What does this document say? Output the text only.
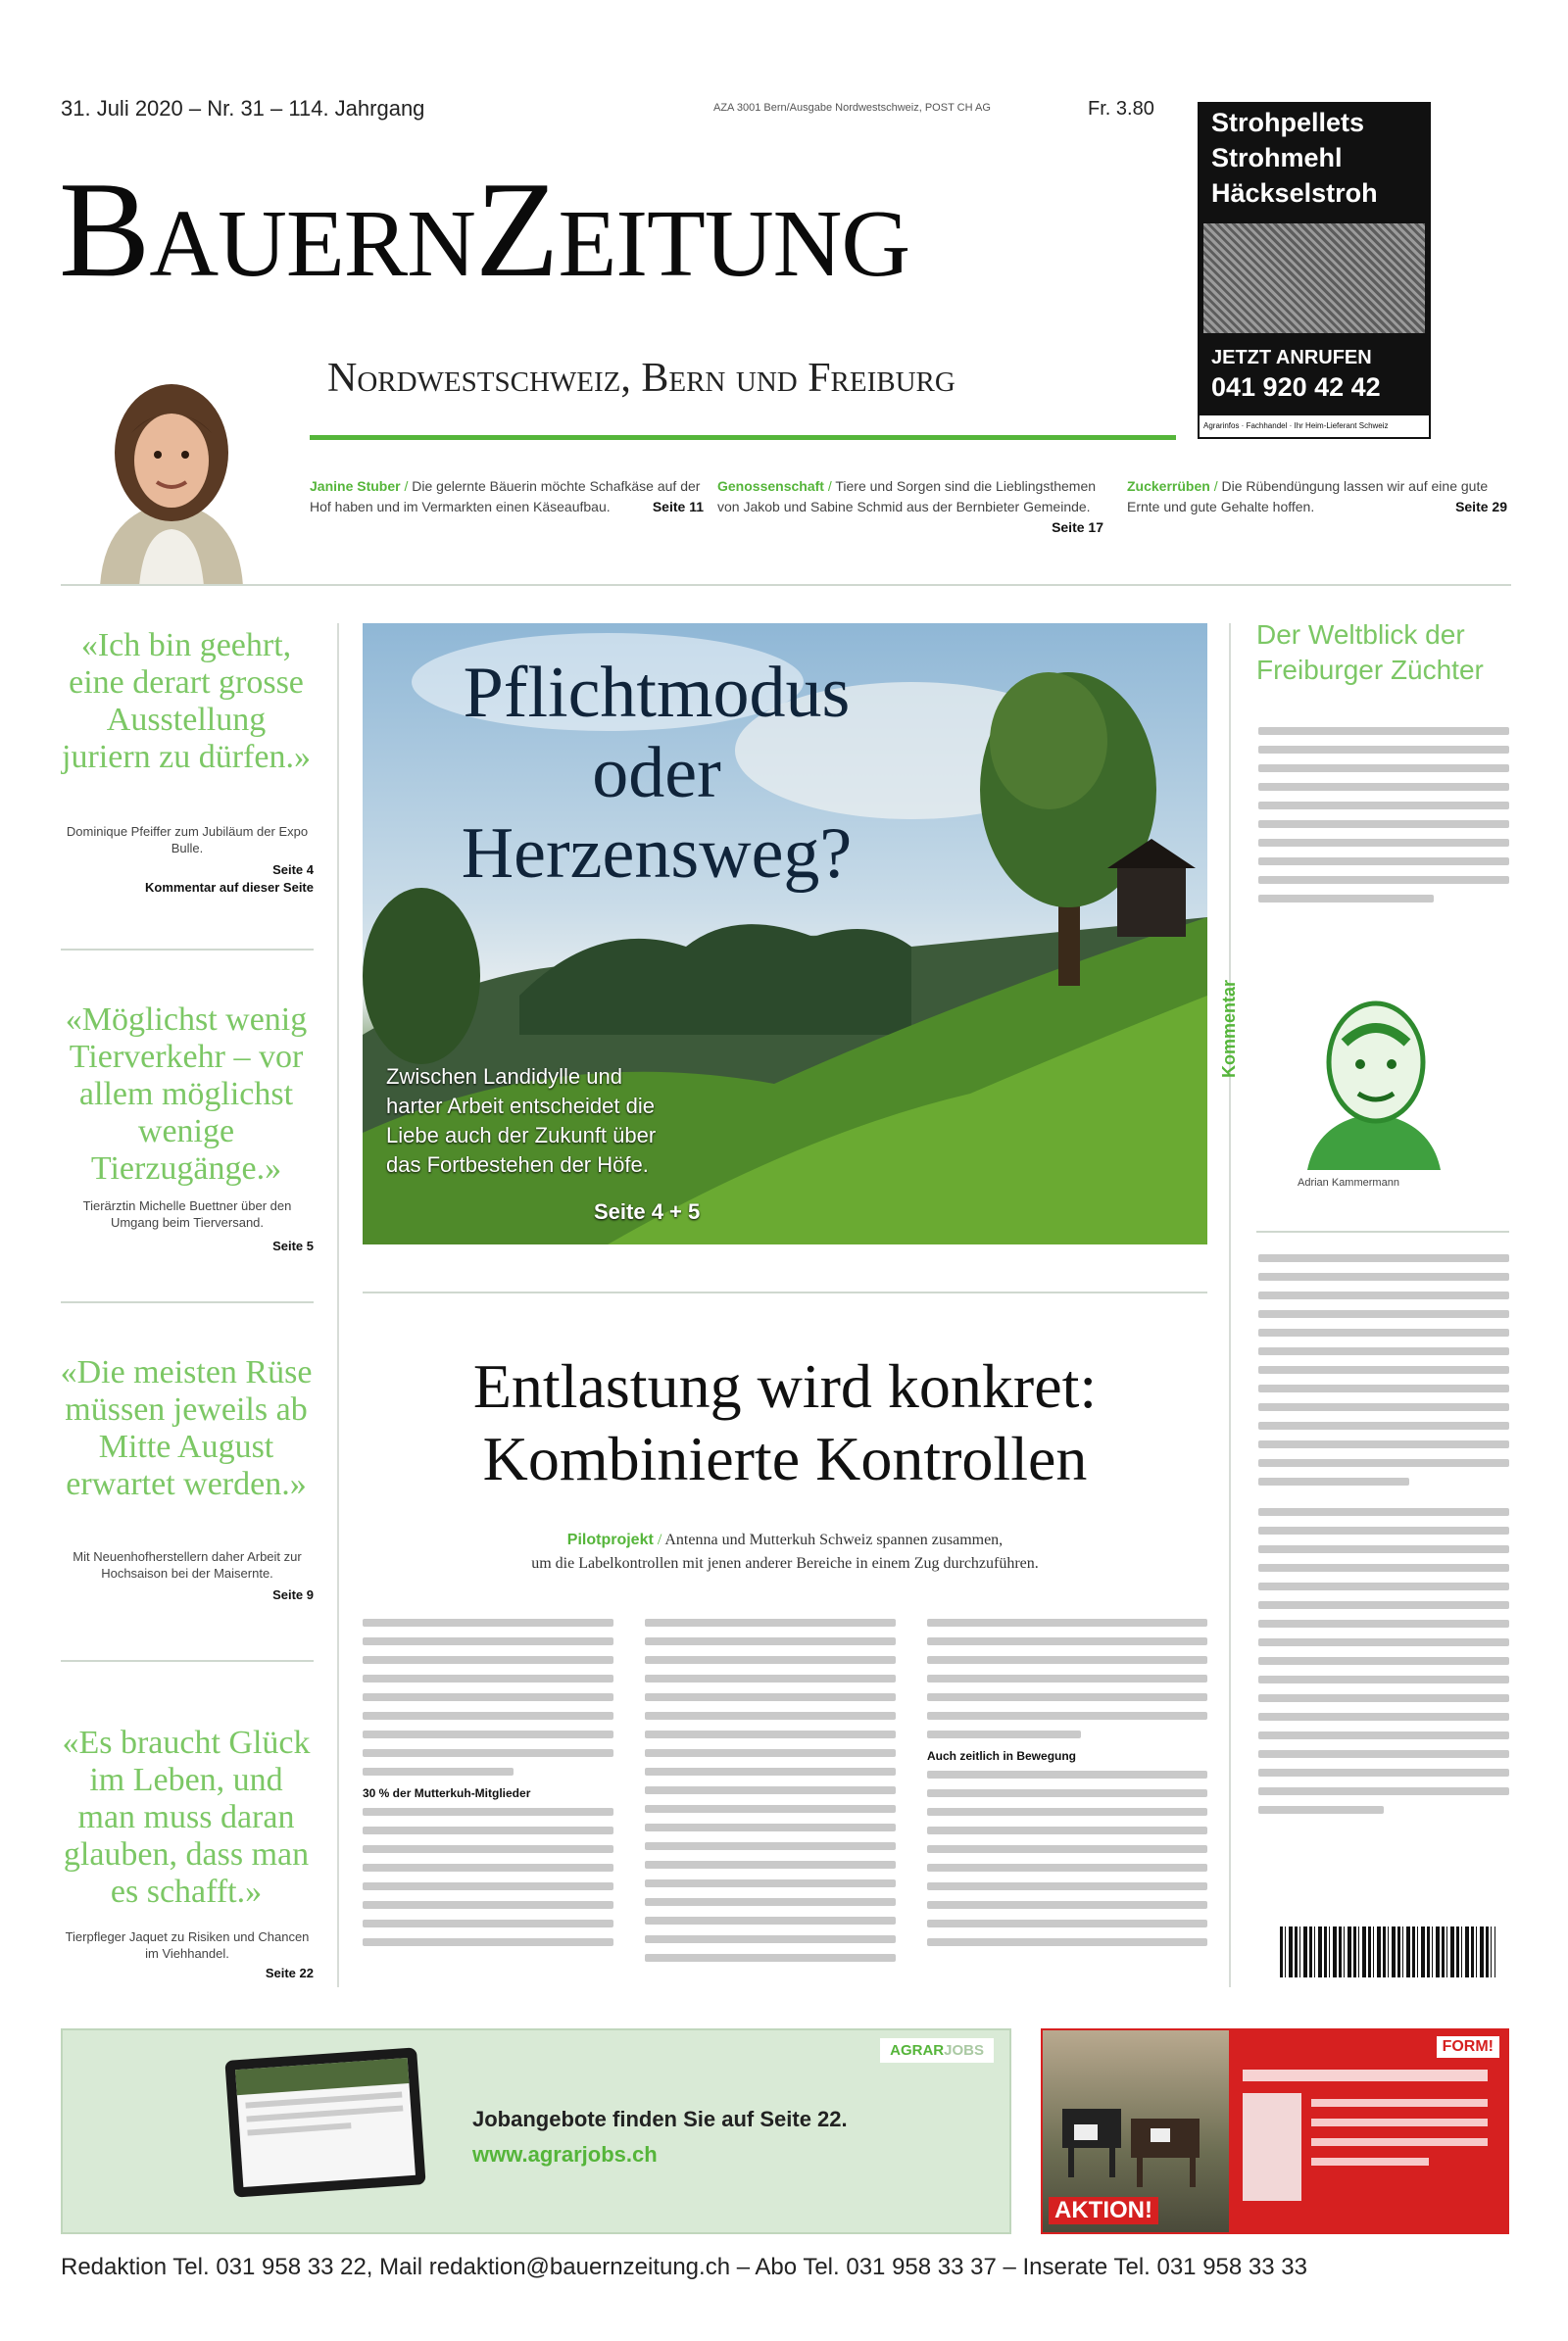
31. Juli 2020 – Nr. 31 – 114. Jahrgang	AZA 3001 Bern/Ausgabe Nordwestschweiz, POST CH AG	Fr. 3.80
BauernZeitung
Nordwestschweiz, Bern und Freiburg
Strohpellets
Strohmehl
Häckselstroh
JETZT ANRUFEN
041 920 42 42
Agrarinfos · Fachhandel · Ihr Heim-Lieferant Schweiz
Janine Stuber / Die gelernte Bäuerin möchte Schafkäse auf der Hof haben und im Vermarkten einen Käseaufbau.	Seite 11
Genossenschaft / Tiere und Sorgen sind die Lieblingsthemen von Jakob und Sabine Schmid aus der Bernbieter Gemeinde.
Seite 17
Zuckerrüben / Die Rübendüngung lassen wir auf eine gute Ernte und gute Gehalte hoffen.	Seite 29
«Ich bin geehrt, eine derart grosse Ausstellung juriern zu dürfen.»
Dominique Pfeiffer zum Jubiläum der Expo Bulle.
Seite 4
Kommentar auf dieser Seite
«Möglichst wenig Tierverkehr – vor allem möglichst wenige Tierzugänge.»
Tierärztin Michelle Buettner über den Umgang beim Tierversand.
Seite 5
«Die meisten Rüse müssen jeweils ab Mitte August erwartet werden.»
Mit Neuenhofherstellern daher Arbeit zur Hochsaison bei der Maisernte.
Seite 9
«Es braucht Glück im Leben, und man muss daran glauben, dass man es schafft.»
Tierpfleger Jaquet zu Risiken und Chancen im Viehhandel.
Seite 22
Pflichtmodus
oder
Herzensweg?
Zwischen Landidylle und
harter Arbeit entscheidet die
Liebe auch der Zukunft über
das Fortbestehen der Höfe.
Seite 4 + 5
Der Weltblick der Freiburger Züchter
Kommentar
Adrian Kammermann
Entlastung wird konkret:
Kombinierte Kontrollen
Pilotprojekt / Antenna und Mutterkuh Schweiz spannen zusammen,
um die Labelkontrollen mit jenen anderer Bereiche in einem Zug durchzuführen.
30 % der Mutterkuh-Mitglieder
Auch zeitlich in Bewegung
AGRARJOBS
Jobangebote finden Sie auf Seite 22.
www.agrarjobs.ch
AKTION!
FORM!
Redaktion Tel. 031 958 33 22, Mail redaktion@bauernzeitung.ch – Abo Tel. 031 958 33 37 – Inserate Tel. 031 958 33 33
